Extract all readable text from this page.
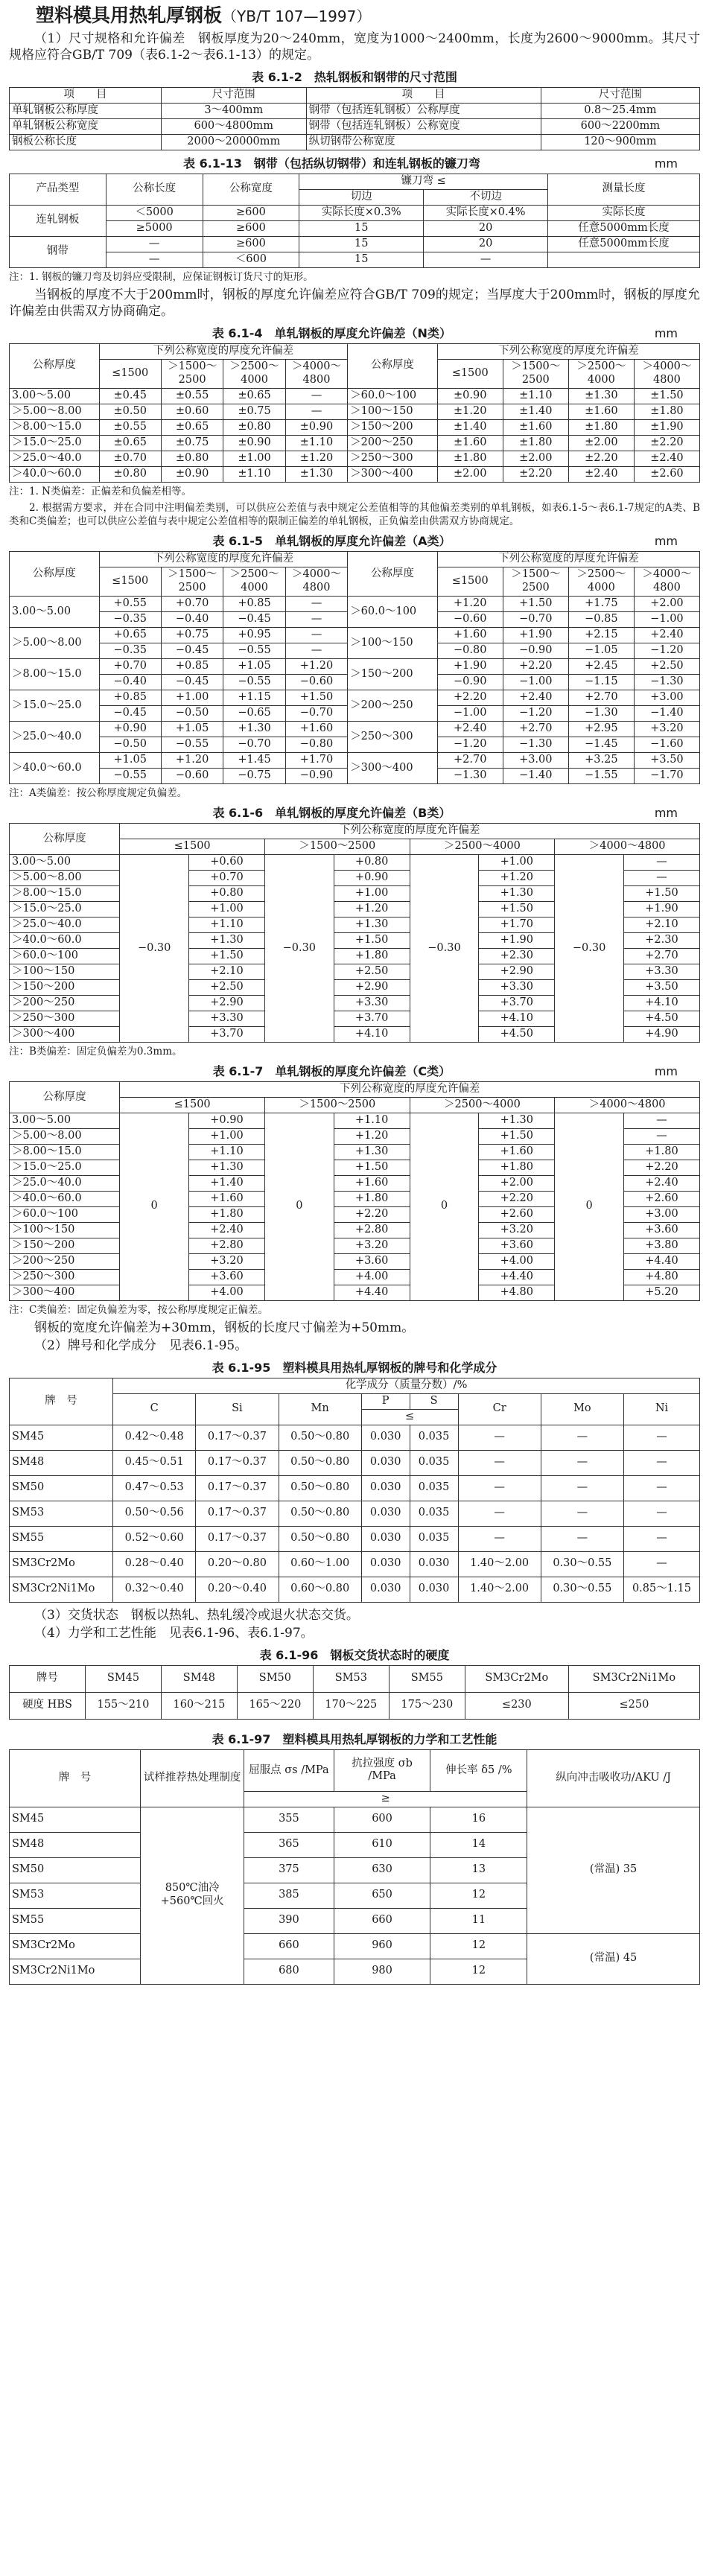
塑料模具用热轧厚钢板（YB/T 107—1997）

（1）尺寸规格和允许偏差　钢板厚度为20～240mm，宽度为1000～2400mm，长度为2600～9000mm。其尺寸规格应符合GB/T 709（表6.1-2～表6.1-13）的规定。

表 6.1-2　热轧钢板和钢带的尺寸范围
项　　目	尺寸范围	项　　目	尺寸范围
单轧钢板公称厚度	3～400mm	钢带（包括连轧钢板）公称厚度	0.8～25.4mm
单轧钢板公称宽度	600～4800mm	钢带（包括连轧钢板）公称宽度	600～2200mm
钢板公称长度	2000～20000mm	纵切钢带公称宽度	120～900mm
表 6.1-13　钢带（包括纵切钢带）和连轧钢板的镰刀弯	mm
产品类型	公称长度	公称宽度	镰刀弯 ≤		测量长度
			切边	不切边	
连轧钢板	＜5000	≥600	实际长度×0.3%	实际长度×0.4%	实际长度
	≥5000	≥600	15	20	任意5000mm长度
钢带	—	≥600	15	20	任意5000mm长度
	—	＜600	15	—	
注：1. 钢板的镰刀弯及切斜应受限制，应保证钢板订货尺寸的矩形。

当钢板的厚度不大于200mm时，钢板的厚度允许偏差应符合GB/T 709的规定；当厚度大于200mm时，钢板的厚度允许偏差由供需双方协商确定。

表 6.1-4　单轧钢板的厚度允许偏差（N类）	mm
公称厚度	下列公称宽度的厚度允许偏差				公称厚度	下列公称宽度的厚度允许偏差			
	≤1500	＞1500～2500	＞2500～4000	＞4000～4800		≤1500	＞1500～2500	＞2500～4000	＞4000～4800
3.00～5.00	±0.45	±0.55	±0.65	—	＞60.0～100	±0.90	±1.10	±1.30	±1.50
＞5.00～8.00	±0.50	±0.60	±0.75	—	＞100～150	±1.20	±1.40	±1.60	±1.80
＞8.00～15.0	±0.55	±0.65	±0.80	±0.90	＞150～200	±1.40	±1.60	±1.80	±1.90
＞15.0～25.0	±0.65	±0.75	±0.90	±1.10	＞200～250	±1.60	±1.80	±2.00	±2.20
＞25.0～40.0	±0.70	±0.80	±1.00	±1.20	＞250～300	±1.80	±2.00	±2.20	±2.40
＞40.0～60.0	±0.80	±0.90	±1.10	±1.30	＞300～400	±2.00	±2.20	±2.40	±2.60
注：1. N类偏差：正偏差和负偏差相等。
2. 根据需方要求，并在合同中注明偏差类别，可以供应公差值与表中规定公差值相等的其他偏差类别的单轧钢板，如表6.1-5～表6.1-7规定的A类、B类和C类偏差；也可以供应公差值与表中规定公差值相等的限制正偏差的单轧钢板，正负偏差由供需双方协商规定。
表 6.1-5　单轧钢板的厚度允许偏差（A类）	mm
公称厚度	下列公称宽度的厚度允许偏差				公称厚度	下列公称宽度的厚度允许偏差			
	≤1500	＞1500～2500	＞2500～4000	＞4000～4800		≤1500	＞1500～2500	＞2500～4000	＞4000～4800
3.00～5.00	+0.55	+0.70	+0.85	—	＞60.0～100	+1.20	+1.50	+1.75	+2.00
	−0.35	−0.40	−0.45	—		−0.60	−0.70	−0.85	−1.00
＞5.00～8.00	+0.65	+0.75	+0.95	—	＞100～150	+1.60	+1.90	+2.15	+2.40
	−0.35	−0.45	−0.55	—		−0.80	−0.90	−1.05	−1.20
＞8.00～15.0	+0.70	+0.85	+1.05	+1.20	＞150～200	+1.90	+2.20	+2.45	+2.50
	−0.40	−0.45	−0.55	−0.60		−0.90	−1.00	−1.15	−1.30
＞15.0～25.0	+0.85	+1.00	+1.15	+1.50	＞200～250	+2.20	+2.40	+2.70	+3.00
	−0.45	−0.50	−0.65	−0.70		−1.00	−1.20	−1.30	−1.40
＞25.0～40.0	+0.90	+1.05	+1.30	+1.60	＞250～300	+2.40	+2.70	+2.95	+3.20
	−0.50	−0.55	−0.70	−0.80		−1.20	−1.30	−1.45	−1.60
＞40.0～60.0	+1.05	+1.20	+1.45	+1.70	＞300～400	+2.70	+3.00	+3.25	+3.50
	−0.55	−0.60	−0.75	−0.90		−1.30	−1.40	−1.55	−1.70
注：A类偏差：按公称厚度规定负偏差。
表 6.1-6　单轧钢板的厚度允许偏差（B类）	mm
公称厚度	下列公称宽度的厚度允许偏差							
	≤1500		＞1500～2500		＞2500～4000		＞4000～4800	
3.00～5.00	−0.30	+0.60	−0.30	+0.80	−0.30	+1.00	−0.30	—
＞5.00～8.00		+0.70		+0.90		+1.20		—
＞8.00～15.0		+0.80		+1.00		+1.30		+1.50
＞15.0～25.0		+1.00		+1.20		+1.50		+1.90
＞25.0～40.0		+1.10		+1.30		+1.70		+2.10
＞40.0～60.0		+1.30		+1.50		+1.90		+2.30
＞60.0～100		+1.50		+1.80		+2.30		+2.70
＞100～150		+2.10		+2.50		+2.90		+3.30
＞150～200		+2.50		+2.90		+3.30		+3.50
＞200～250		+2.90		+3.30		+3.70		+4.10
＞250～300		+3.30		+3.70		+4.10		+4.50
＞300～400		+3.70		+4.10		+4.50		+4.90
注：B类偏差：固定负偏差为0.3mm。
表 6.1-7　单轧钢板的厚度允许偏差（C类）	mm
公称厚度	下列公称宽度的厚度允许偏差							
	≤1500		＞1500～2500		＞2500～4000		＞4000～4800	
3.00～5.00	0	+0.90	0	+1.10	0	+1.30	0	—
＞5.00～8.00		+1.00		+1.20		+1.50		—
＞8.00～15.0		+1.10		+1.30		+1.60		+1.80
＞15.0～25.0		+1.30		+1.50		+1.80		+2.20
＞25.0～40.0		+1.40		+1.60		+2.00		+2.40
＞40.0～60.0		+1.60		+1.80		+2.20		+2.60
＞60.0～100		+1.80		+2.20		+2.60		+3.00
＞100～150		+2.40		+2.80		+3.20		+3.60
＞150～200		+2.80		+3.20		+3.60		+3.80
＞200～250		+3.20		+3.60		+4.00		+4.40
＞250～300		+3.60		+4.00		+4.40		+4.80
＞300～400		+4.00		+4.40		+4.80		+5.20
注：C类偏差：固定负偏差为零，按公称厚度规定正偏差。

钢板的宽度允许偏差为+30mm，钢板的长度尺寸偏差为+50mm。

（2）牌号和化学成分　见表6.1-95。

表 6.1-95　塑料模具用热轧厚钢板的牌号和化学成分
牌　号	化学成分（质量分数）/%							
	C	Si	Mn	P	S	Cr	Mo	Ni
				≤				
SM45	0.42～0.48	0.17～0.37	0.50～0.80	0.030	0.035	—	—	—
SM48	0.45～0.51	0.17～0.37	0.50～0.80	0.030	0.035	—	—	—
SM50	0.47～0.53	0.17～0.37	0.50～0.80	0.030	0.035	—	—	—
SM53	0.50～0.56	0.17～0.37	0.50～0.80	0.030	0.035	—	—	—
SM55	0.52～0.60	0.17～0.37	0.50～0.80	0.030	0.035	—	—	—
SM3Cr2Mo	0.28～0.40	0.20～0.80	0.60～1.00	0.030	0.030	1.40～2.00	0.30～0.55	—
SM3Cr2Ni1Mo	0.32～0.40	0.20～0.40	0.60～0.80	0.030	0.030	1.40～2.00	0.30～0.55	0.85～1.15

（3）交货状态　钢板以热轧、热轧缓冷或退火状态交货。

（4）力学和工艺性能　见表6.1-96、表6.1-97。

表 6.1-96　钢板交货状态时的硬度
牌号	SM45	SM48	SM50	SM53	SM55	SM3Cr2Mo	SM3Cr2Ni1Mo
硬度 HBS	155～210	160～215	165～220	170～225	175～230	≤230	≤250
表 6.1-97　塑料模具用热轧厚钢板的力学和工艺性能
牌　号	试样推荐热处理制度	屈服点 σs /MPa	抗拉强度 σb /MPa	伸长率 δ5 /%	纵向冲击吸收功/AKU /J
		≥			
SM45	850℃油冷 +560℃回火	355	600	16	(常温) 35
SM48		365	610	14	
SM50		375	630	13	
SM53		385	650	12	
SM55		390	660	11	
SM3Cr2Mo		660	960	12	(常温) 45
SM3Cr2Ni1Mo		680	980	12	
